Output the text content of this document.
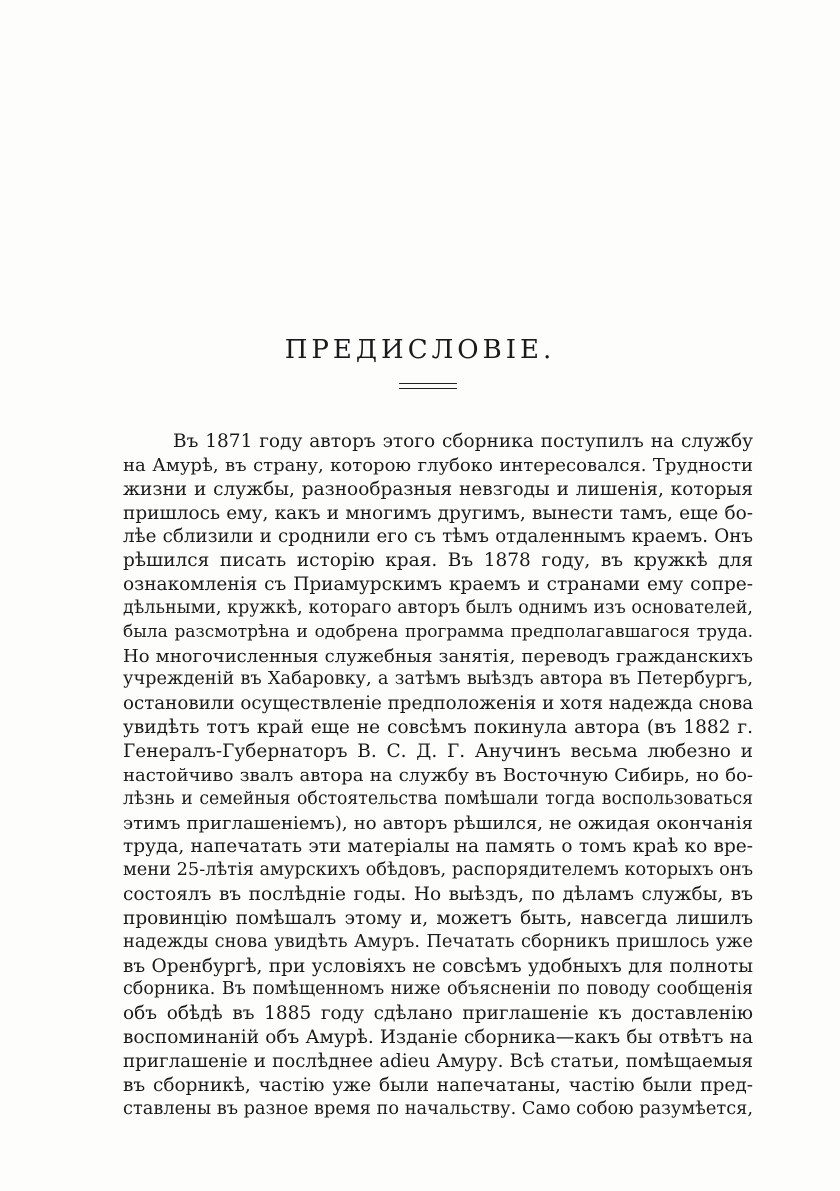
ПРЕДИСЛОВІЕ.
Въ 1871 году авторъ этого сборника поступилъ на службу
на Амурѣ, въ страну, которою глубоко интересовался. Трудности
жизни и службы, разнообразныя невзгоды и лишенія, которыя
пришлось ему, какъ и многимъ другимъ, вынести тамъ, еще бо-
лѣе сблизили и сроднили его съ тѣмъ отдаленнымъ краемъ. Онъ
рѣшился писать исторію края. Въ 1878 году, въ кружкѣ для
ознакомленія съ Приамурскимъ краемъ и странами ему сопре-
дѣльными, кружкѣ, котораго авторъ былъ однимъ изъ основателей,
была разсмотрѣна и одобрена программа предполагавшагося труда.
Но многочисленныя служебныя занятія, переводъ гражданскихъ
учрежденій въ Хабаровку, а затѣмъ выѣздъ автора въ Петербургъ,
остановили осуществленіе предположенія и хотя надежда снова
увидѣть тотъ край еще не совсѣмъ покинула автора (въ 1882 г.
Генералъ-Губернаторъ В. С. Д. Г. Анучинъ весьма любезно и
настойчиво звалъ автора на службу въ Восточную Сибирь, но бо-
лѣзнь и семейныя обстоятельства помѣшали тогда воспользоваться
этимъ приглашеніемъ), но авторъ рѣшился, не ожидая окончанія
труда, напечатать эти матеріалы на память о томъ краѣ ко вре-
мени 25-лѣтія амурскихъ обѣдовъ, распорядителемъ которыхъ онъ
состоялъ въ послѣдніе годы. Но выѣздъ, по дѣламъ службы, въ
провинцію помѣшалъ этому и, можетъ быть, навсегда лишилъ
надежды снова увидѣть Амуръ. Печатать сборникъ пришлось уже
въ Оренбургѣ, при условіяхъ не совсѣмъ удобныхъ для полноты
сборника. Въ помѣщенномъ ниже объясненіи по поводу сообщенія
объ обѣдѣ въ 1885 году сдѣлано приглашеніе къ доставленію
воспоминаній объ Амурѣ. Изданіе сборника—какъ бы отвѣтъ на
приглашеніе и послѣднее adieu Амуру. Всѣ статьи, помѣщаемыя
въ сборникѣ, частію уже были напечатаны, частію были пред-
ставлены въ разное время по начальству. Само собою разумѣется,
